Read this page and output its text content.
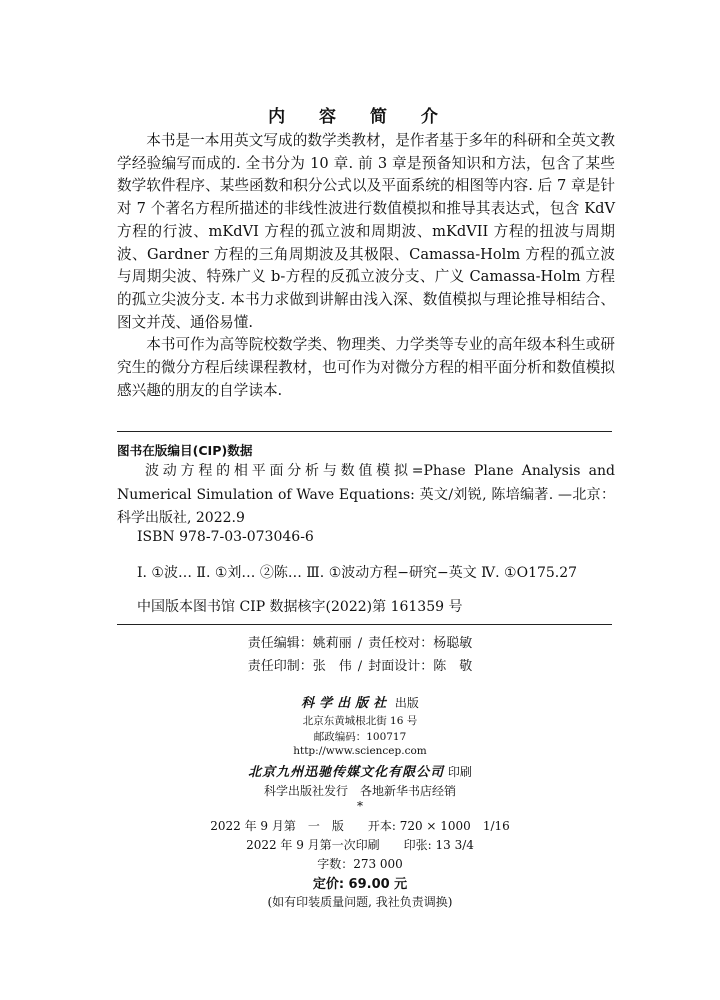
内 容 简 介

本书是一本用英文写成的数学类教材，是作者基于多年的科研和全英文教学经验编写而成的. 全书分为 10 章. 前 3 章是预备知识和方法，包含了某些数学软件程序、某些函数和积分公式以及平面系统的相图等内容. 后 7 章是针对 7 个著名方程所描述的非线性波进行数值模拟和推导其表达式，包含 KdV 方程的行波、mKdVI 方程的孤立波和周期波、mKdVII 方程的扭波与周期波、Gardner 方程的三角周期波及其极限、Camassa-Holm 方程的孤立波与周期尖波、特殊广义 b-方程的反孤立波分支、广义 Camassa-Holm 方程的孤立尖波分支. 本书力求做到讲解由浅入深、数值模拟与理论推导相结合、图文并茂、通俗易懂.

本书可作为高等院校数学类、物理类、力学类等专业的高年级本科生或研究生的微分方程后续课程教材，也可作为对微分方程的相平面分析和数值模拟感兴趣的朋友的自学读本.

图书在版编目(CIP)数据

波动方程的相平面分析与数值模拟=Phase Plane Analysis and Numerical Simulation of Wave Equations: 英文/刘锐, 陈培编著. —北京：科学出版社, 2022.9

ISBN 978-7-03-073046-6

Ⅰ. ①波… Ⅱ. ①刘… ②陈… Ⅲ. ①波动方程−研究−英文 Ⅳ. ①O175.27

中国版本图书馆 CIP 数据核字(2022)第 161359 号

责任编辑：姚莉丽 / 责任校对：杨聪敏

责任印制：张　伟 / 封面设计：陈　敬

科学出版社 出版

北京东黄城根北街 16 号

邮政编码：100717

http://www.sciencep.com

北京九州迅驰传媒文化有限公司 印刷

科学出版社发行　各地新华书店经销

*

2022 年 9 月第　一　版　　开本: 720 × 1000　1/16

2022 年 9 月第一次印刷　　印张: 13 3/4

字数：273 000

定价: 69.00 元

(如有印装质量问题, 我社负责调换)
